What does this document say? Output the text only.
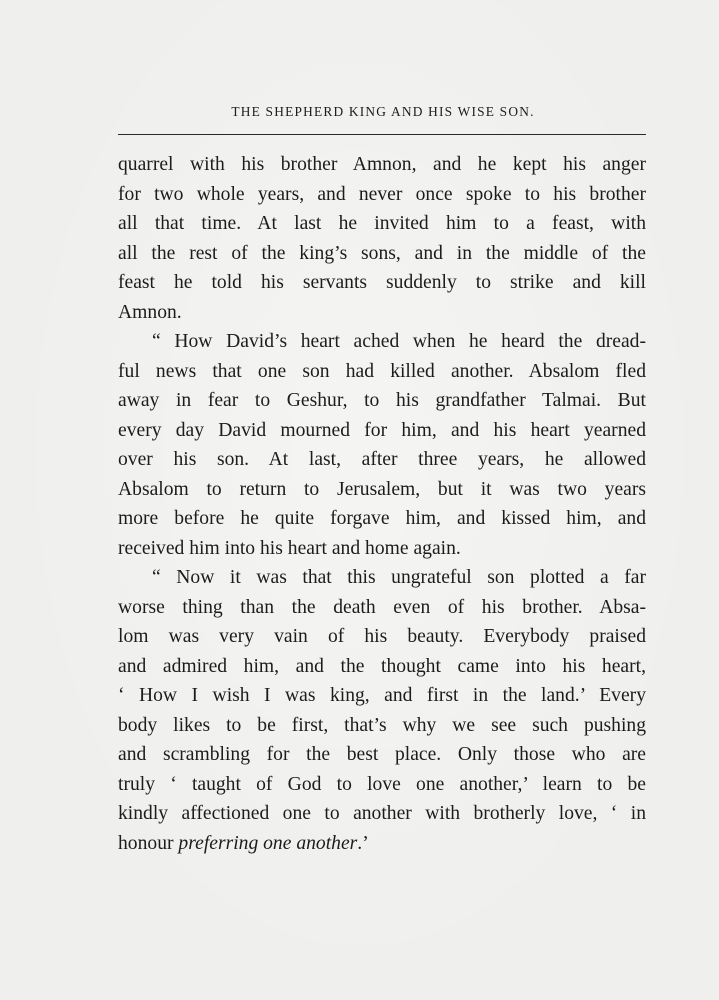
THE SHEPHERD KING AND HIS WISE SON.
quarrel with his brother Amnon, and he kept his anger
for two whole years, and never once spoke to his brother
all that time. At last he invited him to a feast, with
all the rest of the king’s sons, and in the middle of the
feast he told his servants suddenly to strike and kill
Amnon.
“ How David’s heart ached when he heard the dread-
ful news that one son had killed another. Absalom fled
away in fear to Geshur, to his grandfather Talmai. But
every day David mourned for him, and his heart yearned
over his son. At last, after three years, he allowed
Absalom to return to Jerusalem, but it was two years
more before he quite forgave him, and kissed him, and
received him into his heart and home again.
“ Now it was that this ungrateful son plotted a far
worse thing than the death even of his brother. Absa-
lom was very vain of his beauty. Everybody praised
and admired him, and the thought came into his heart,
‘ How I wish I was king, and first in the land.’ Every
body likes to be first, that’s why we see such pushing
and scrambling for the best place. Only those who are
truly ‘ taught of God to love one another,’ learn to be
kindly affectioned one to another with brotherly love, ‘ in
honour preferring one another.’
